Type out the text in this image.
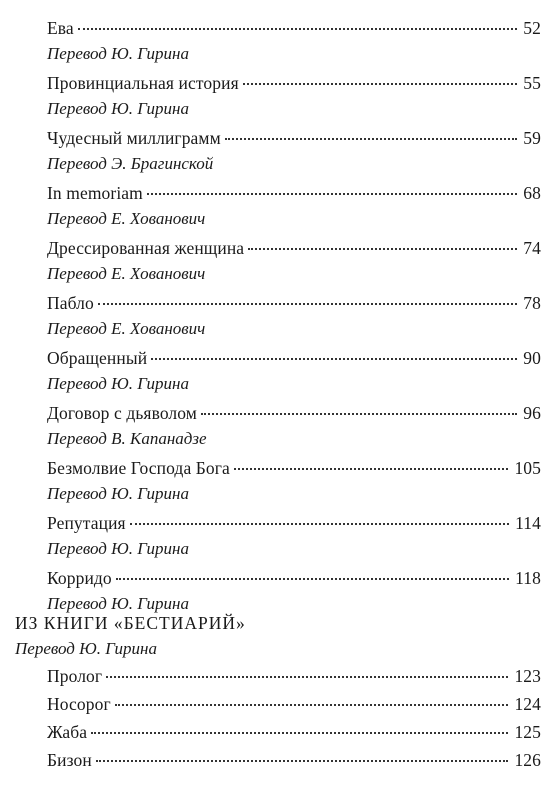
Ева	52
Перевод Ю. Гирина
Провинциальная история	55
Перевод Ю. Гирина
Чудесный миллиграмм	59
Перевод Э. Брагинской
In memoriam	68
Перевод Е. Хованович
Дрессированная женщина	74
Перевод Е. Хованович
Пабло	78
Перевод Е. Хованович
Обращенный	90
Перевод Ю. Гирина
Договор с дьяволом	96
Перевод В. Капанадзе
Безмолвие Господа Бога	105
Перевод Ю. Гирина
Репутация	114
Перевод Ю. Гирина
Корридо	118
Перевод Ю. Гирина
ИЗ КНИГИ «БЕСТИАРИЙ»
Перевод Ю. Гирина
Пролог	123
Носорог	124
Жаба	125
Бизон	126
